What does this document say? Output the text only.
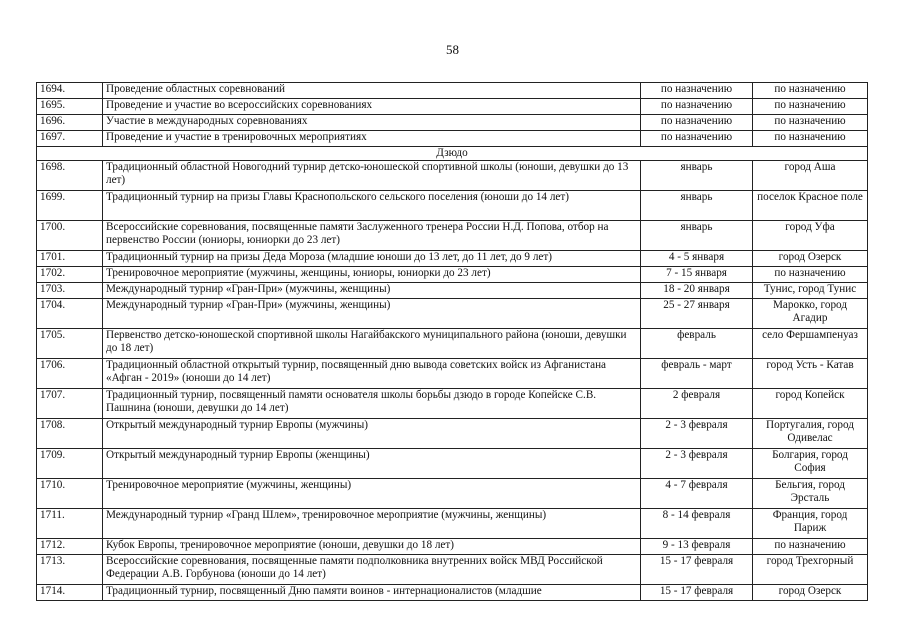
58
1694.	Проведение областных соревнований	по назначению	по назначению
1695.	Проведение и участие во всероссийских соревнованиях	по назначению	по назначению
1696.	Участие в международных соревнованиях	по назначению	по назначению
1697.	Проведение и участие в тренировочных мероприятиях	по назначению	по назначению
Дзюдо			
1698.	Традиционный областной Новогодний турнир детско-юношеской спортивной школы (юноши, девушки до 13 лет)	январь	город Аша
1699.	Традиционный турнир на призы Главы Краснопольского сельского поселения (юноши до 14 лет)	январь	поселок Красное поле
1700.	Всероссийские соревнования, посвященные памяти Заслуженного тренера России Н.Д. Попова, отбор на первенство России (юниоры, юниорки до 23 лет)	январь	город Уфа
1701.	Традиционный турнир на призы Деда Мороза (младшие юноши до 13 лет, до 11 лет, до 9 лет)	4 - 5 января	город Озерск
1702.	Тренировочное мероприятие (мужчины, женщины, юниоры, юниорки до 23 лет)	7 - 15 января	по назначению
1703.	Международный турнир «Гран-При» (мужчины, женщины)	18 - 20 января	Тунис, город Тунис
1704.	Международный турнир «Гран-При» (мужчины, женщины)	25 - 27 января	Марокко, город Агадир
1705.	Первенство детско-юношеской спортивной школы Нагайбакского муниципального района (юноши, девушки до 18 лет)	февраль	село Фершампенуаз
1706.	Традиционный областной открытый турнир, посвященный дню вывода советских войск из Афганистана «Афган - 2019» (юноши до 14 лет)	февраль - март	город Усть - Катав
1707.	Традиционный турнир, посвященный памяти основателя школы борьбы дзюдо в городе Копейске С.В. Пашнина (юноши, девушки до 14 лет)	2 февраля	город Копейск
1708.	Открытый международный турнир Европы (мужчины)	2 - 3 февраля	Португалия, город Одивелас
1709.	Открытый международный турнир Европы (женщины)	2 - 3 февраля	Болгария, город София
1710.	Тренировочное мероприятие (мужчины, женщины)	4 - 7 февраля	Бельгия, город Эрсталь
1711.	Международный турнир «Гранд Шлем», тренировочное мероприятие (мужчины, женщины)	8 - 14 февраля	Франция, город Париж
1712.	Кубок Европы, тренировочное мероприятие (юноши, девушки до 18 лет)	9 - 13 февраля	по назначению
1713.	Всероссийские соревнования, посвященные памяти подполковника внутренних войск МВД Российской Федерации А.В. Горбунова (юноши до 14 лет)	15 - 17 февраля	город Трехгорный
1714.	Традиционный турнир, посвященный Дню памяти воинов - интернационалистов (младшие	15 - 17 февраля	город Озерск
